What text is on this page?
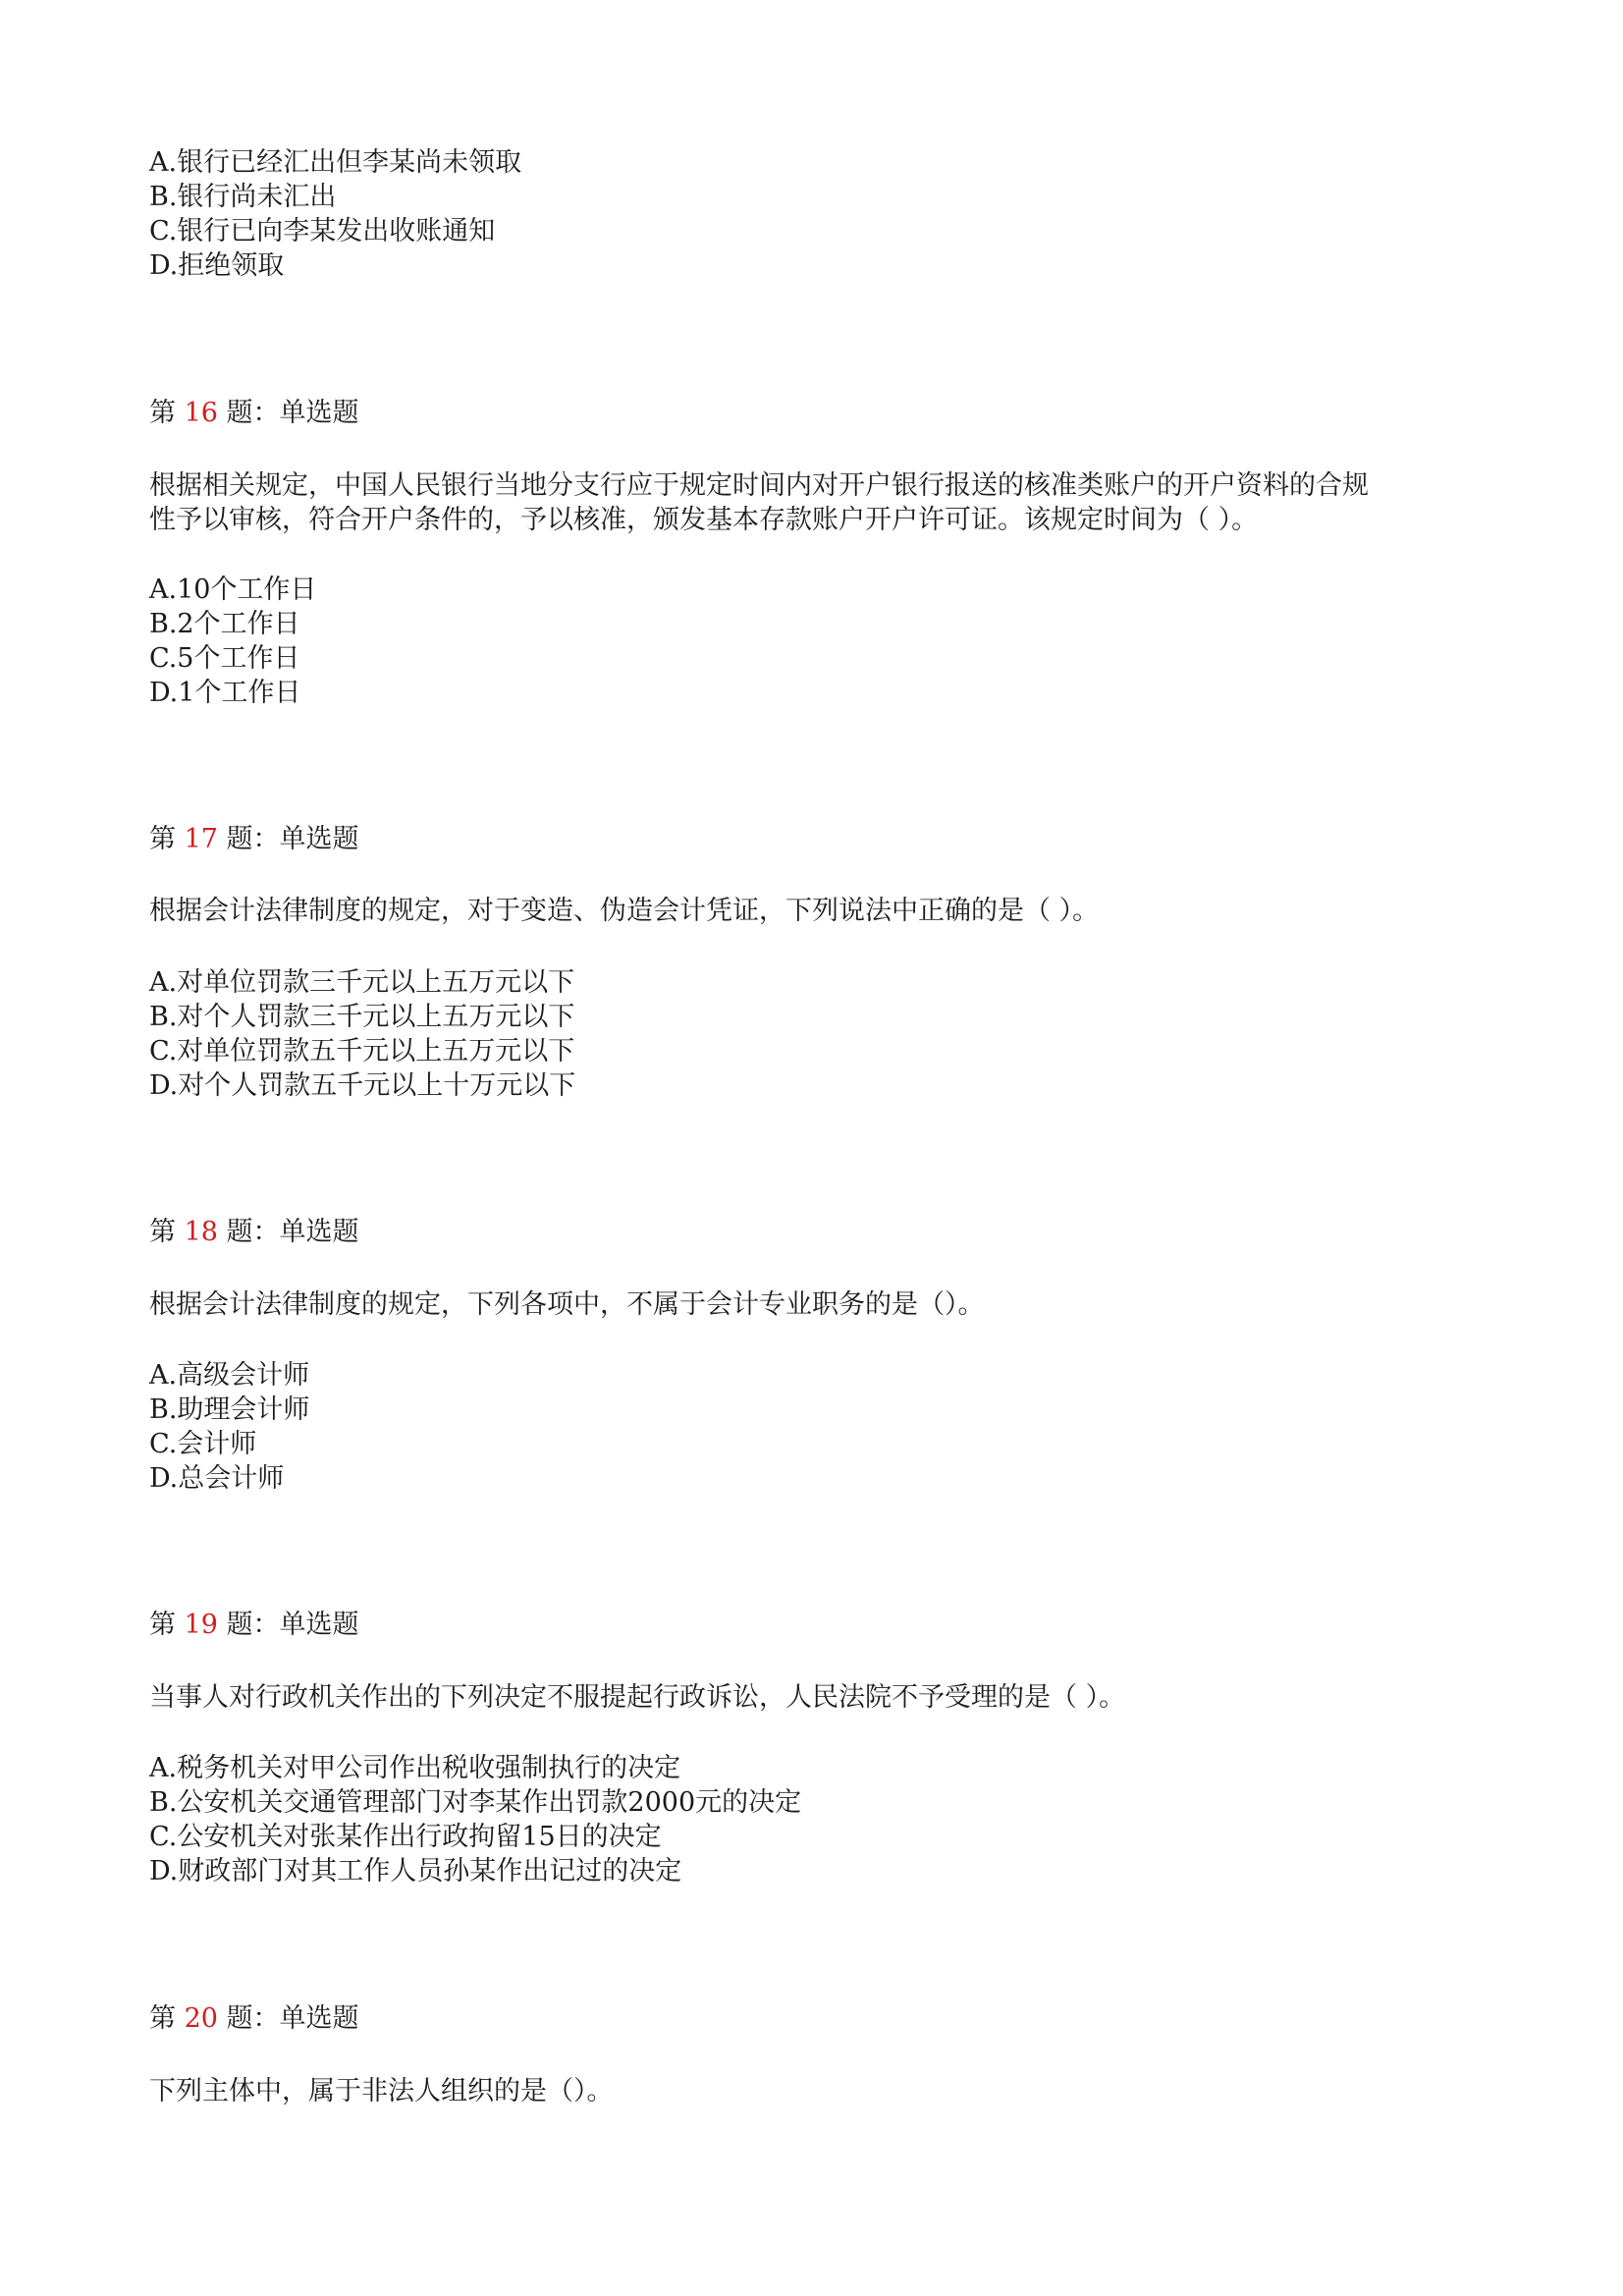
A.银行已经汇出但李某尚未领取

B.银行尚未汇出

C.银行已向李某发出收账通知

D.拒绝领取

第 16 题：单选题

根据相关规定，中国人民银行当地分支行应于规定时间内对开户银行报送的核准类账户的开户资料的合规

性予以审核，符合开户条件的，予以核准，颁发基本存款账户开户许可证。该规定时间为（ ）。

A.10个工作日

B.2个工作日

C.5个工作日

D.1个工作日

第 17 题：单选题

根据会计法律制度的规定，对于变造、伪造会计凭证，下列说法中正确的是（ ）。

A.对单位罚款三千元以上五万元以下

B.对个人罚款三千元以上五万元以下

C.对单位罚款五千元以上五万元以下

D.对个人罚款五千元以上十万元以下

第 18 题：单选题

根据会计法律制度的规定，下列各项中，不属于会计专业职务的是（）。

A.高级会计师

B.助理会计师

C.会计师

D.总会计师

第 19 题：单选题

当事人对行政机关作出的下列决定不服提起行政诉讼，人民法院不予受理的是（ ）。

A.税务机关对甲公司作出税收强制执行的决定

B.公安机关交通管理部门对李某作出罚款2000元的决定

C.公安机关对张某作出行政拘留15日的决定

D.财政部门对其工作人员孙某作出记过的决定

第 20 题：单选题

下列主体中，属于非法人组织的是（）。
